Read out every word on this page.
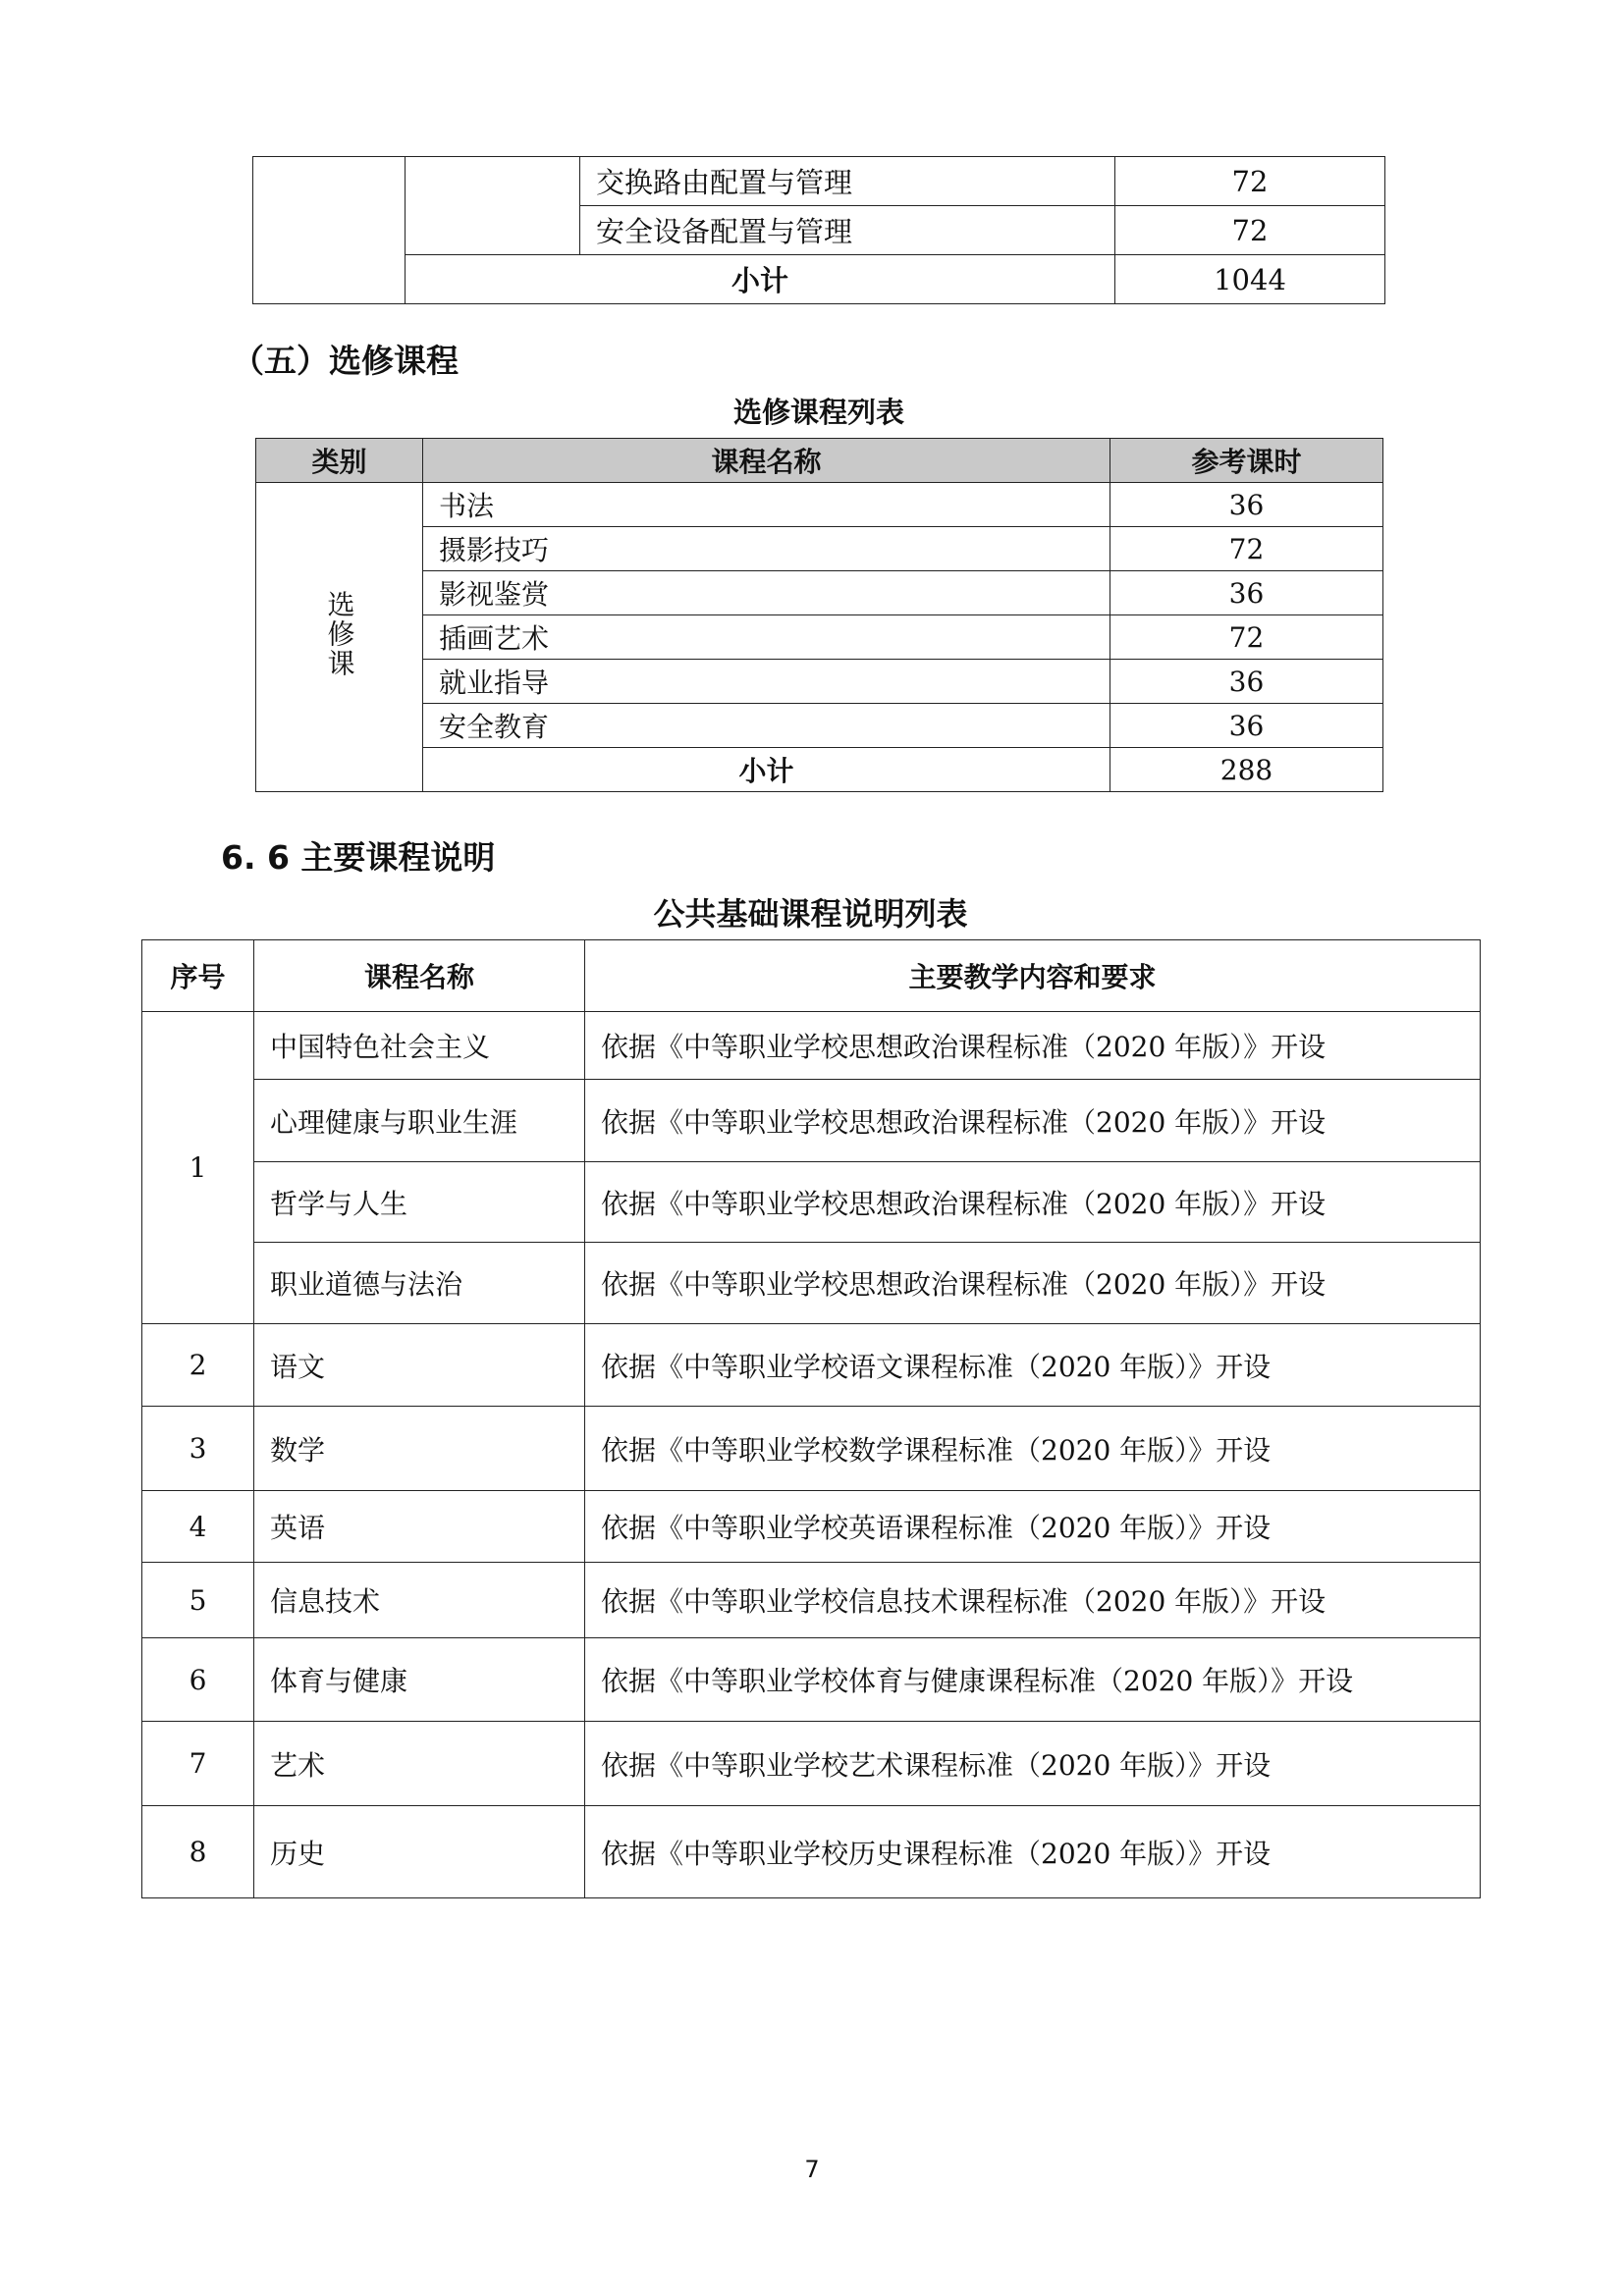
		交换路由配置与管理	72
		安全设备配置与管理	72
	小计		1044
（五）选修课程
选修课程列表
类别	课程名称	参考课时
选修课	书法	36
	摄影技巧	72
	影视鉴赏	36
	插画艺术	72
	就业指导	36
	安全教育	36
	小计	288
6. 6 主要课程说明
公共基础课程说明列表
序号	课程名称	主要教学内容和要求
1	中国特色社会主义	依据《中等职业学校思想政治课程标准（2020 年版）》开设
	心理健康与职业生涯	依据《中等职业学校思想政治课程标准（2020 年版）》开设
	哲学与人生	依据《中等职业学校思想政治课程标准（2020 年版）》开设
	职业道德与法治	依据《中等职业学校思想政治课程标准（2020 年版）》开设
2	语文	依据《中等职业学校语文课程标准（2020 年版）》开设
3	数学	依据《中等职业学校数学课程标准（2020 年版）》开设
4	英语	依据《中等职业学校英语课程标准（2020 年版）》开设
5	信息技术	依据《中等职业学校信息技术课程标准（2020 年版）》开设
6	体育与健康	依据《中等职业学校体育与健康课程标准（2020 年版）》开设
7	艺术	依据《中等职业学校艺术课程标准（2020 年版）》开设
8	历史	依据《中等职业学校历史课程标准（2020 年版）》开设
7
